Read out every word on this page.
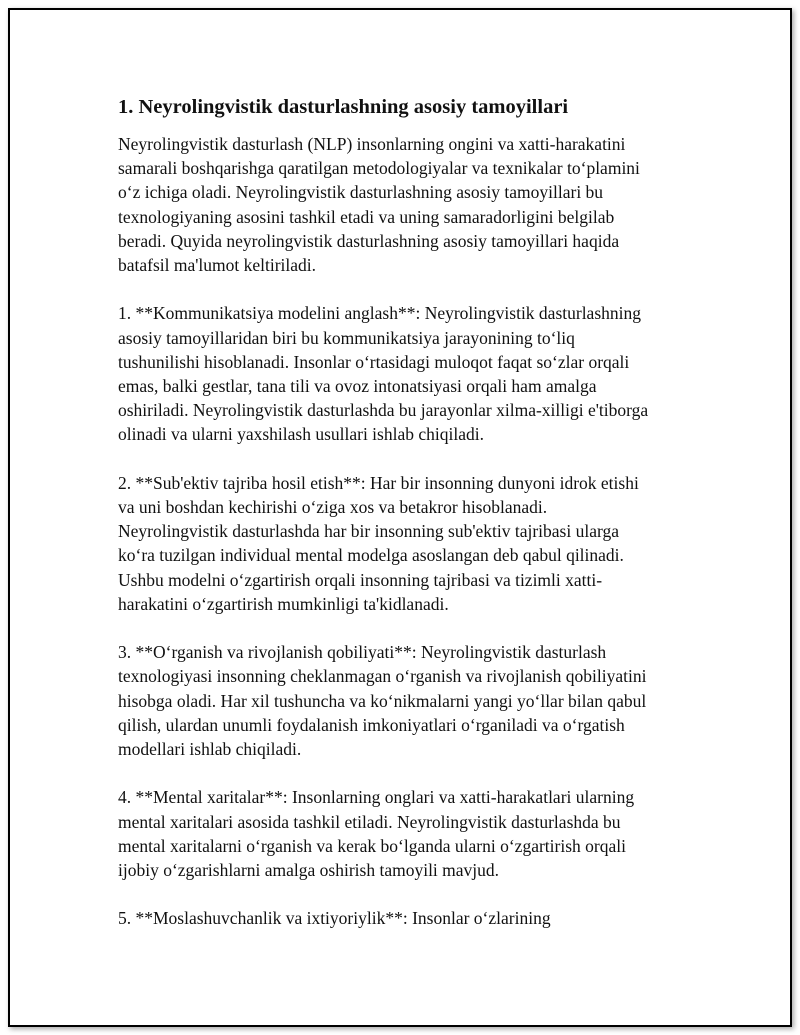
1. Neyrolingvistik dasturlashning asosiy tamoyillari

Neyrolingvistik dasturlash (NLP) insonlarning ongini va xatti-harakatini
samarali boshqarishga qaratilgan metodologiyalar va texnikalar to‘plamini
o‘z ichiga oladi. Neyrolingvistik dasturlashning asosiy tamoyillari bu
texnologiyaning asosini tashkil etadi va uning samaradorligini belgilab
beradi. Quyida neyrolingvistik dasturlashning asosiy tamoyillari haqida
batafsil ma'lumot keltiriladi.

1. **Kommunikatsiya modelini anglash**: Neyrolingvistik dasturlashning
asosiy tamoyillaridan biri bu kommunikatsiya jarayonining to‘liq
tushunilishi hisoblanadi. Insonlar o‘rtasidagi muloqot faqat so‘zlar orqali
emas, balki gestlar, tana tili va ovoz intonatsiyasi orqali ham amalga
oshiriladi. Neyrolingvistik dasturlashda bu jarayonlar xilma-xilligi e'tiborga
olinadi va ularni yaxshilash usullari ishlab chiqiladi.

2. **Sub'ektiv tajriba hosil etish**: Har bir insonning dunyoni idrok etishi
va uni boshdan kechirishi o‘ziga xos va betakror hisoblanadi.
Neyrolingvistik dasturlashda har bir insonning sub'ektiv tajribasi ularga
ko‘ra tuzilgan individual mental modelga asoslangan deb qabul qilinadi.
Ushbu modelni o‘zgartirish orqali insonning tajribasi va tizimli xatti-
harakatini o‘zgartirish mumkinligi ta'kidlanadi.

3. **O‘rganish va rivojlanish qobiliyati**: Neyrolingvistik dasturlash
texnologiyasi insonning cheklanmagan o‘rganish va rivojlanish qobiliyatini
hisobga oladi. Har xil tushuncha va ko‘nikmalarni yangi yo‘llar bilan qabul
qilish, ulardan unumli foydalanish imkoniyatlari o‘rganiladi va o‘rgatish
modellari ishlab chiqiladi.

4. **Mental xaritalar**: Insonlarning onglari va xatti-harakatlari ularning
mental xaritalari asosida tashkil etiladi. Neyrolingvistik dasturlashda bu
mental xaritalarni o‘rganish va kerak bo‘lganda ularni o‘zgartirish orqali
ijobiy o‘zgarishlarni amalga oshirish tamoyili mavjud.

5. **Moslashuvchanlik va ixtiyoriylik**: Insonlar o‘zlarining
